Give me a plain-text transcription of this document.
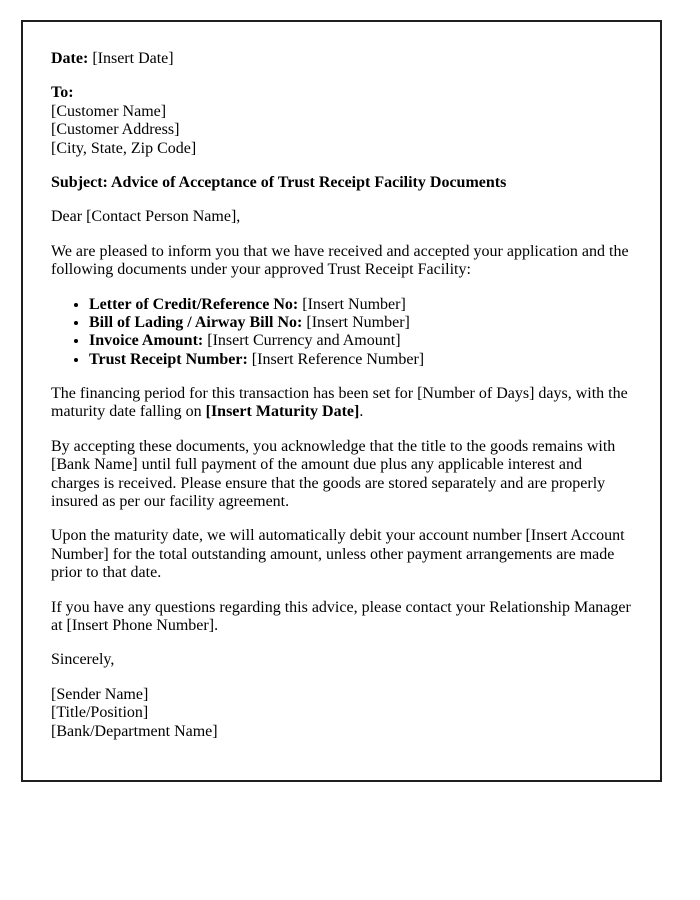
Date: [Insert Date]

To:
[Customer Name]
[Customer Address]
[City, State, Zip Code]

Subject: Advice of Acceptance of Trust Receipt Facility Documents

Dear [Contact Person Name],

We are pleased to inform you that we have received and accepted your application and the following documents under your approved Trust Receipt Facility:

• Letter of Credit/Reference No: [Insert Number]
• Bill of Lading / Airway Bill No: [Insert Number]
• Invoice Amount: [Insert Currency and Amount]
• Trust Receipt Number: [Insert Reference Number]

The financing period for this transaction has been set for [Number of Days] days, with the maturity date falling on [Insert Maturity Date].

By accepting these documents, you acknowledge that the title to the goods remains with [Bank Name] until full payment of the amount due plus any applicable interest and charges is received. Please ensure that the goods are stored separately and are properly insured as per our facility agreement.

Upon the maturity date, we will automatically debit your account number [Insert Account Number] for the total outstanding amount, unless other payment arrangements are made prior to that date.

If you have any questions regarding this advice, please contact your Relationship Manager at [Insert Phone Number].

Sincerely,

[Sender Name]
[Title/Position]
[Bank/Department Name]
